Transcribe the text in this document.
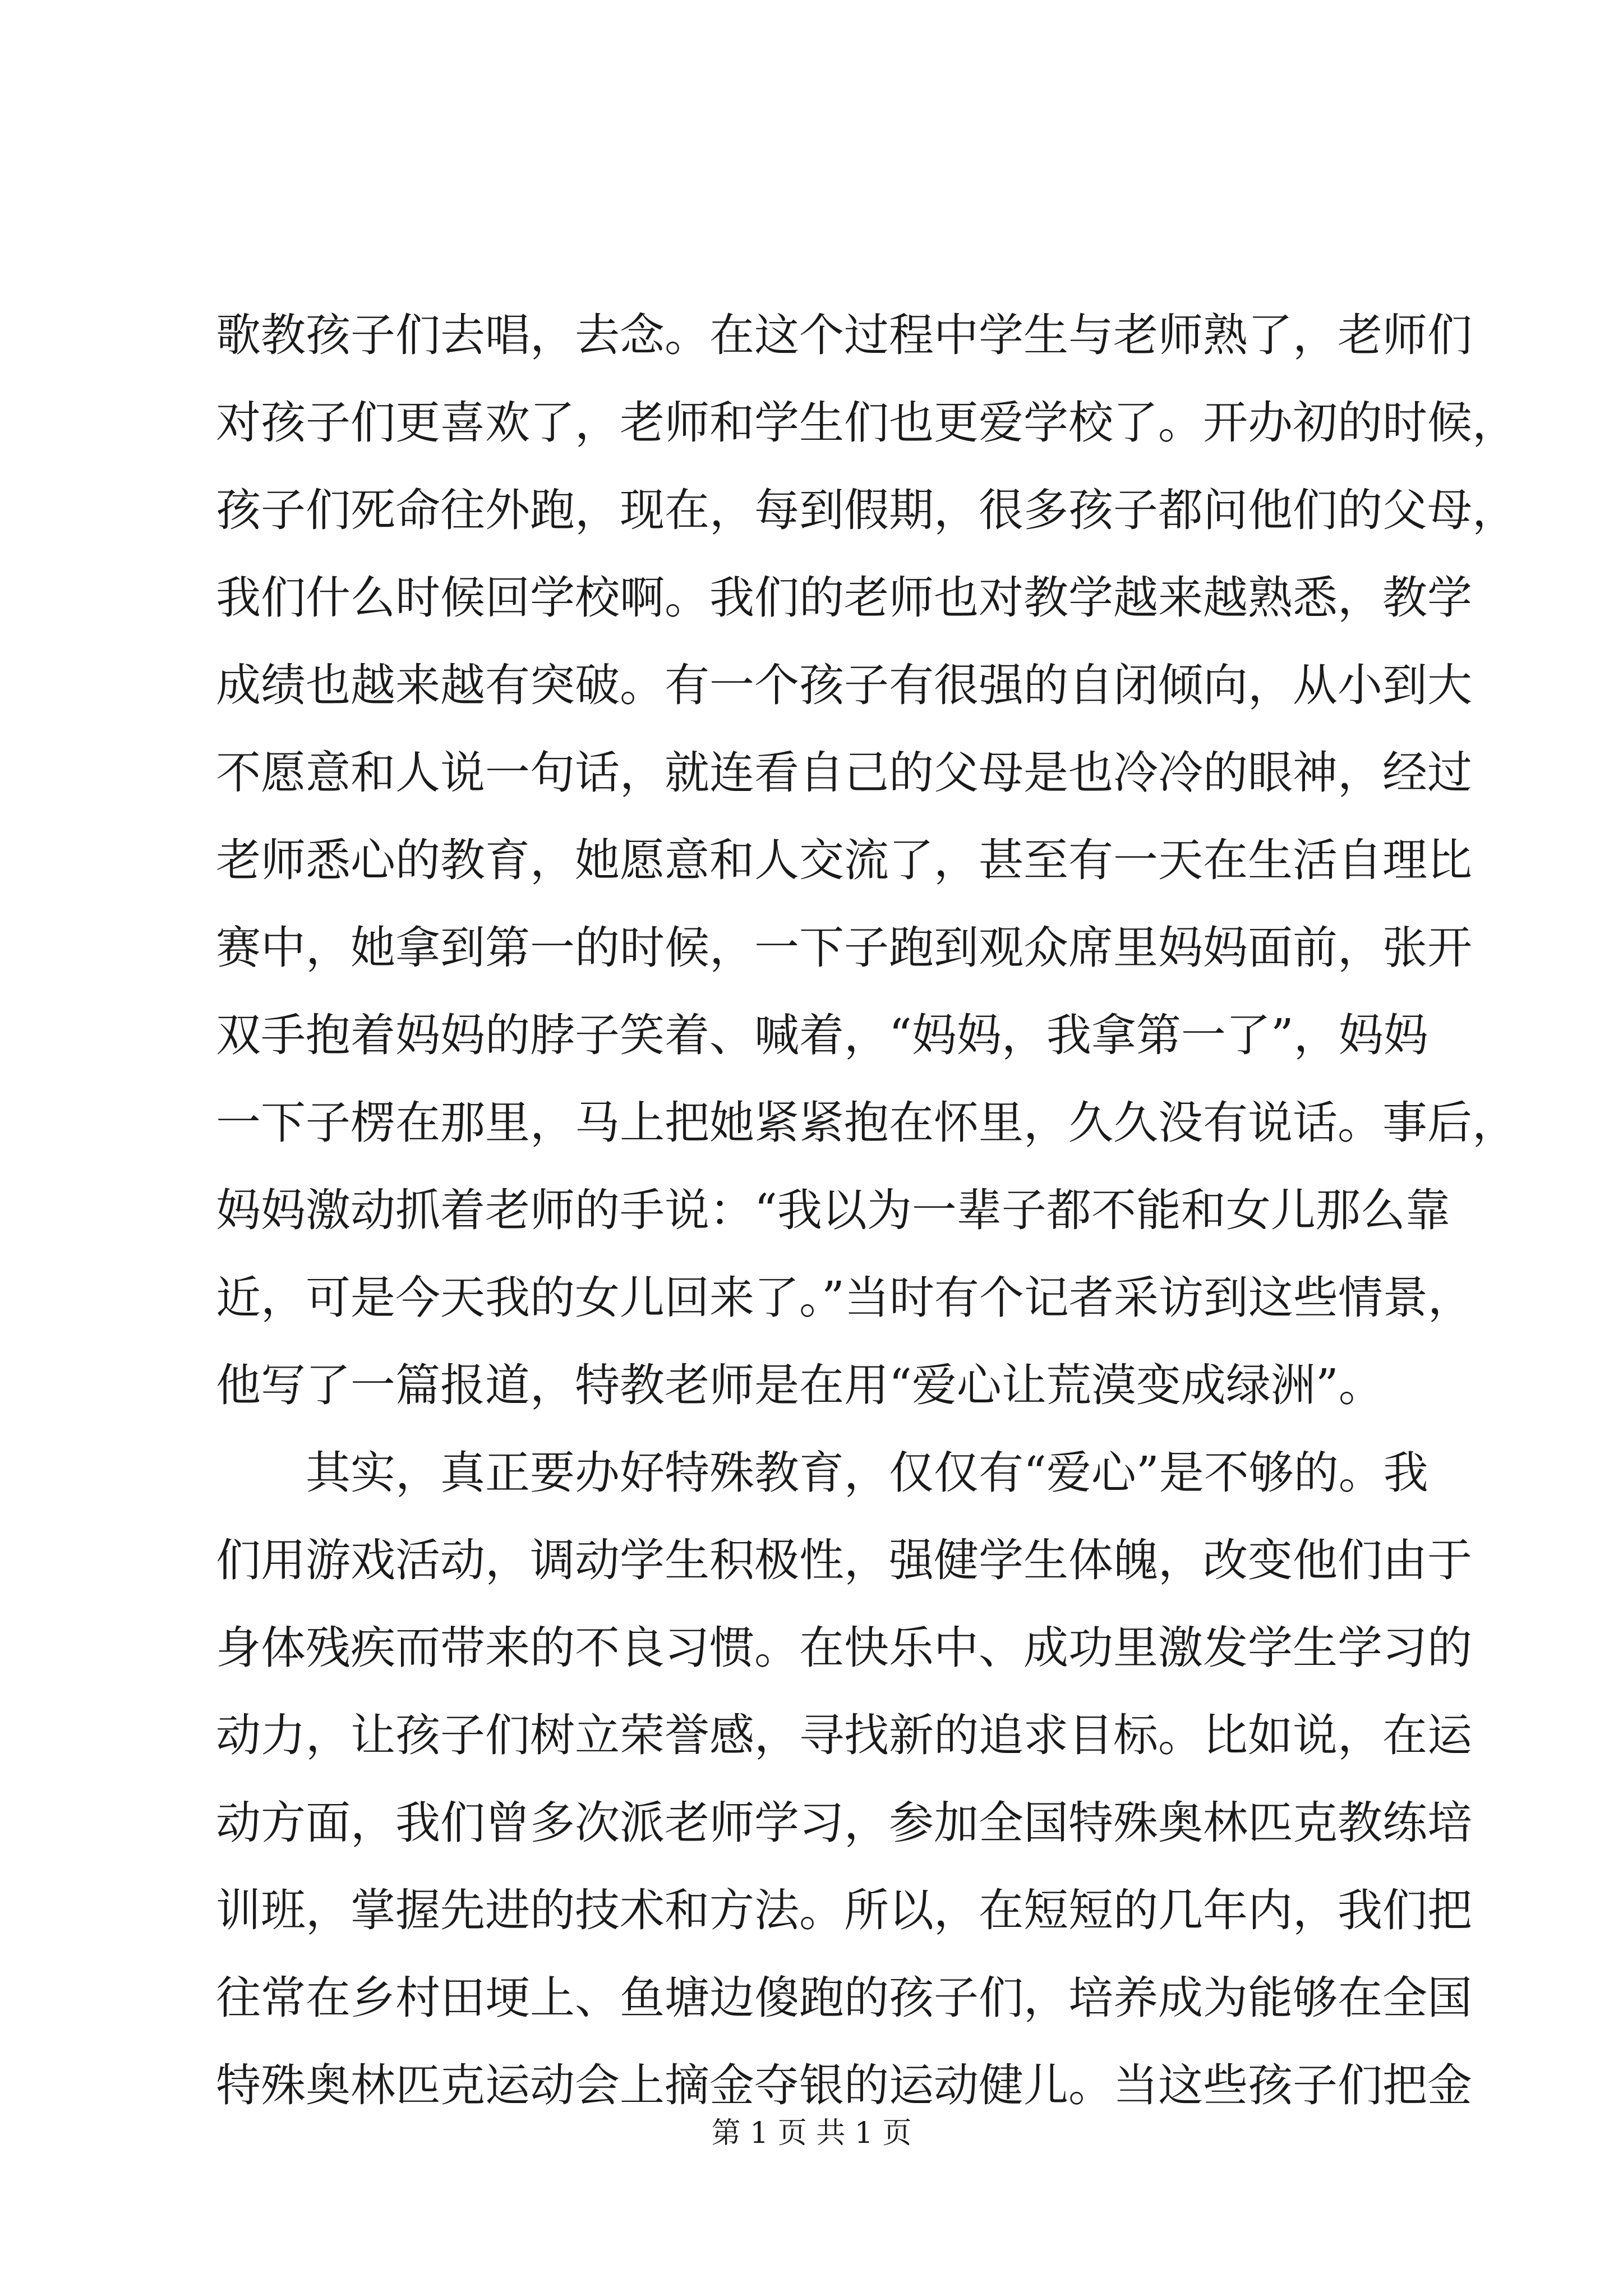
歌教孩子们去唱，去念。在这个过程中学生与老师熟了，老师们
对孩子们更喜欢了，老师和学生们也更爱学校了。开办初的时候，
孩子们死命往外跑，现在，每到假期，很多孩子都问他们的父母，
我们什么时候回学校啊。我们的老师也对教学越来越熟悉，教学
成绩也越来越有突破。有一个孩子有很强的自闭倾向，从小到大
不愿意和人说一句话，就连看自己的父母是也冷冷的眼神，经过
老师悉心的教育，她愿意和人交流了，甚至有一天在生活自理比
赛中，她拿到第一的时候，一下子跑到观众席里妈妈面前，张开
双手抱着妈妈的脖子笑着、喊着，“妈妈，我拿第一了”，妈妈
一下子楞在那里，马上把她紧紧抱在怀里，久久没有说话。事后，
妈妈激动抓着老师的手说：“我以为一辈子都不能和女儿那么靠
近，可是今天我的女儿回来了。”当时有个记者采访到这些情景，
他写了一篇报道，特教老师是在用“爱心让荒漠变成绿洲”。
其实，真正要办好特殊教育，仅仅有“爱心”是不够的。我
们用游戏活动，调动学生积极性，强健学生体魄，改变他们由于
身体残疾而带来的不良习惯。在快乐中、成功里激发学生学习的
动力，让孩子们树立荣誉感，寻找新的追求目标。比如说，在运
动方面，我们曾多次派老师学习，参加全国特殊奥林匹克教练培
训班，掌握先进的技术和方法。所以，在短短的几年内，我们把
往常在乡村田埂上、鱼塘边傻跑的孩子们，培养成为能够在全国
特殊奥林匹克运动会上摘金夺银的运动健儿。当这些孩子们把金
第 1 页 共 1 页
